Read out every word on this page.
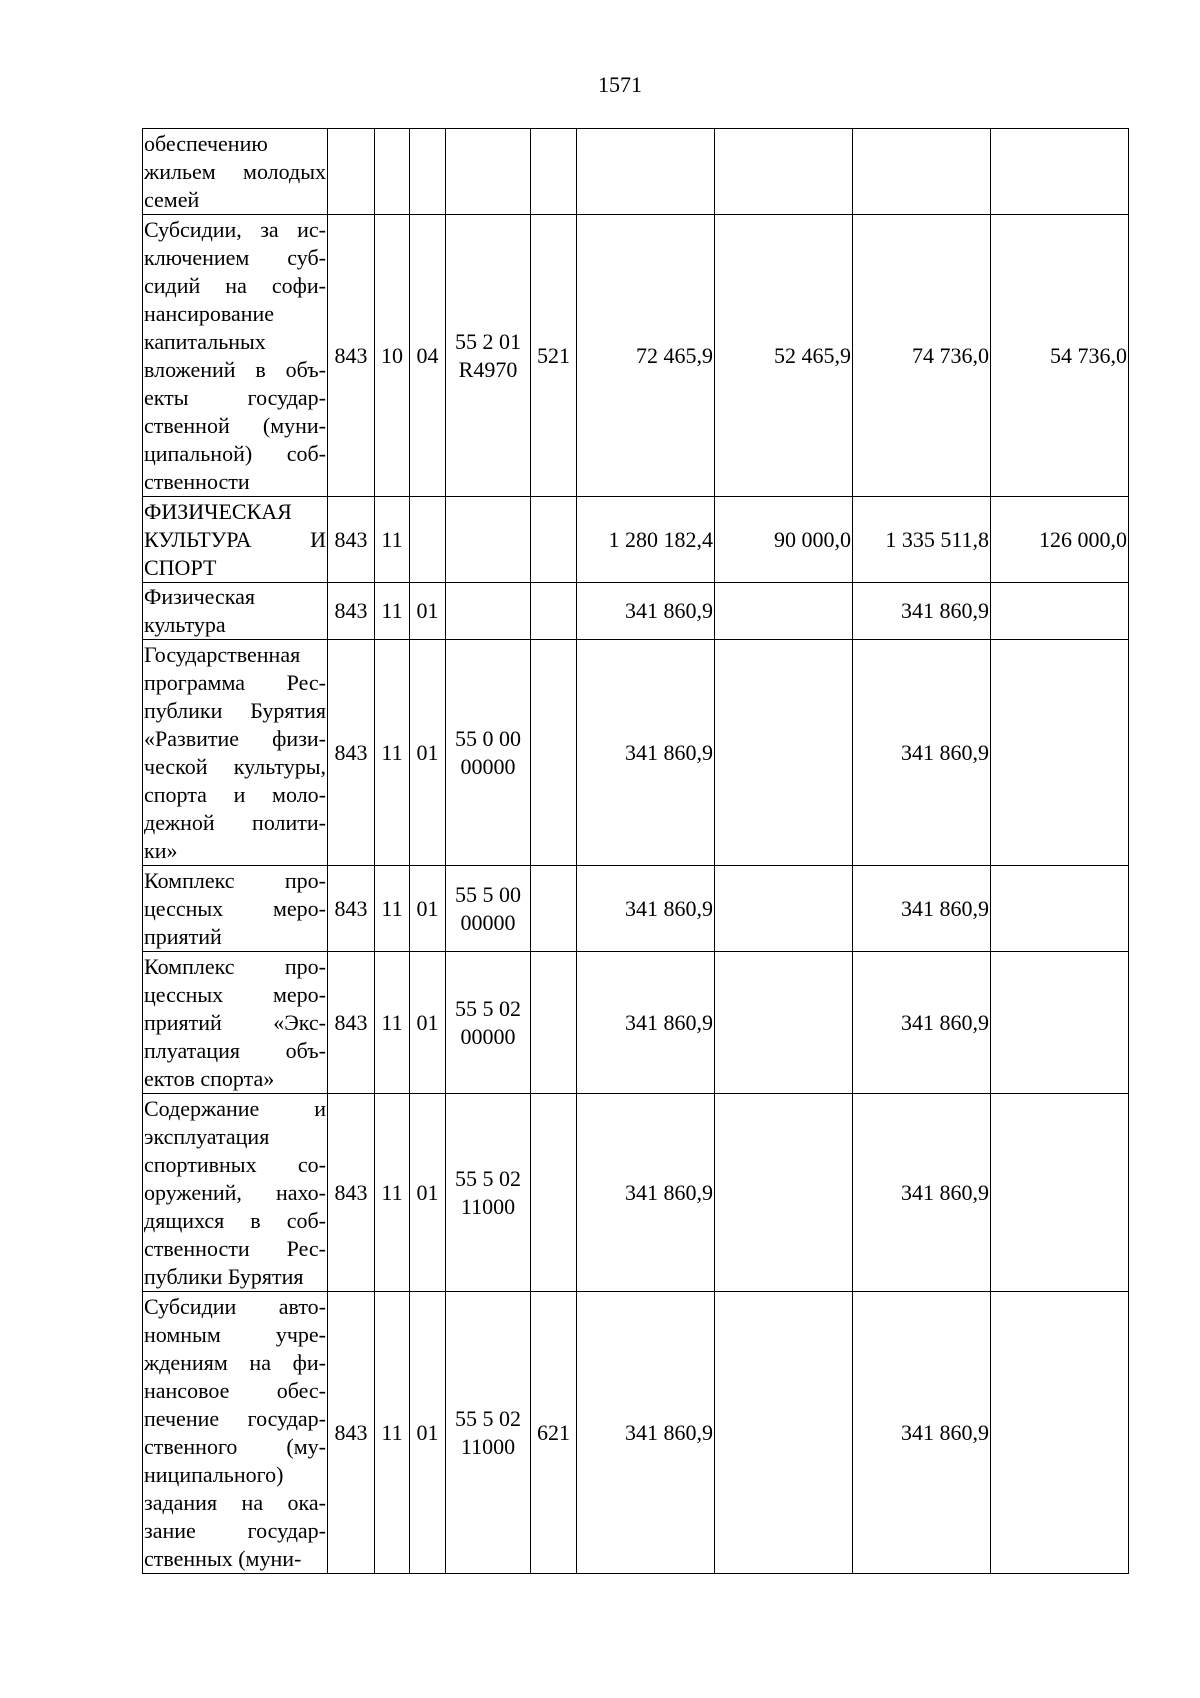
1571
обеспечению жильем молодых семей									
Субсидии, за ис-ключением суб-сидий на софи-нансирование капитальных вложений в объ-екты государ-ственной (муни-ципальной) соб-ственности	843	10	04	55 2 01 R4970	521	72 465,9	52 465,9	74 736,0	54 736,0
ФИЗИЧЕСКАЯ КУЛЬТУРА И СПОРТ	843	11				1 280 182,4	90 000,0	1 335 511,8	126 000,0
Физическая культура	843	11	01			341 860,9		341 860,9	
Государственная программа Рес-публики Бурятия «Развитие физи-ческой культуры, спорта и моло-дежной полити-ки»	843	11	01	55 0 00 00000		341 860,9		341 860,9	
Комплекс про-цессных меро-приятий	843	11	01	55 5 00 00000		341 860,9		341 860,9	
Комплекс про-цессных меро-приятий «Экс-плуатация объ-ектов спорта»	843	11	01	55 5 02 00000		341 860,9		341 860,9	
Содержание и эксплуатация спортивных со-оружений, нахо-дящихся в соб-ственности Рес-публики Бурятия	843	11	01	55 5 02 11000		341 860,9		341 860,9	
Субсидии авто-номным учре-ждениям на фи-нансовое обес-печение государ-ственного (му-ниципального) задания на ока-зание государ-ственных (муни-	843	11	01	55 5 02 11000	621	341 860,9		341 860,9	
